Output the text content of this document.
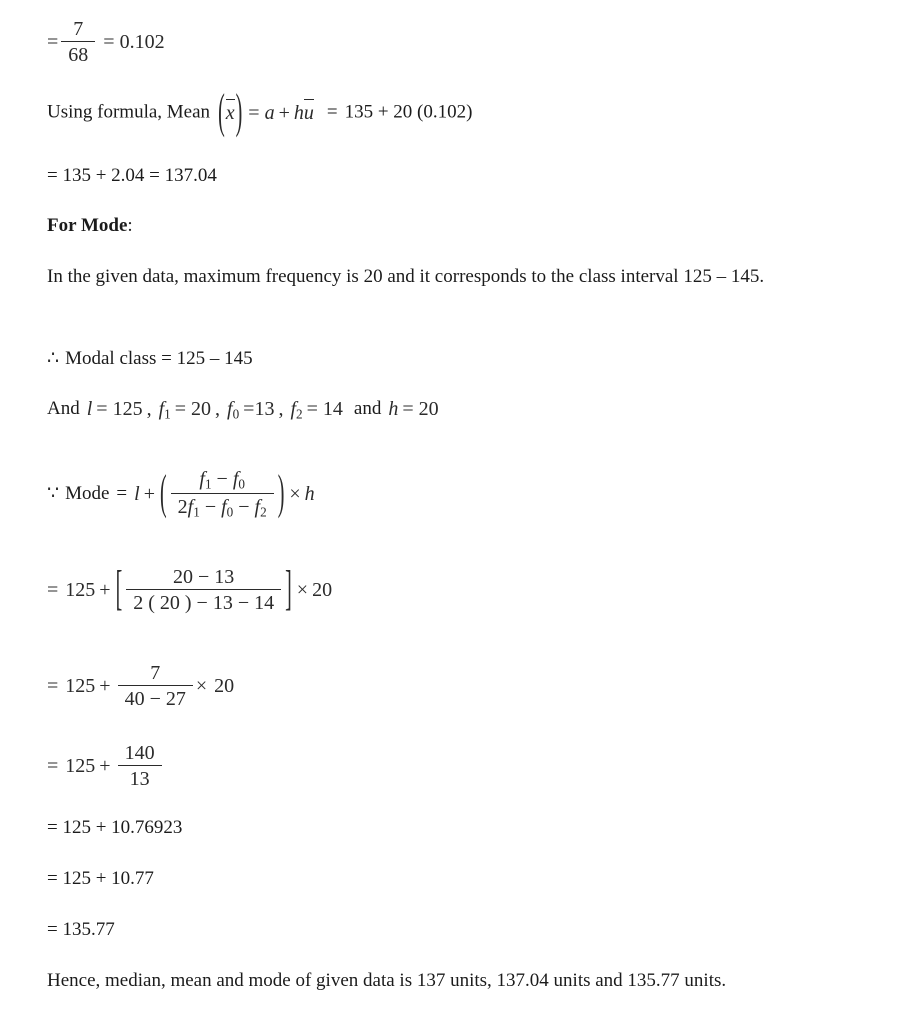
= $\frac{7}{68} = 0.102$
Using formula, Mean ( x ) = a + h u = 135 + 20 (0.102)
= 135 + 2.04 = 137.04
For Mode:
In the given data, maximum frequency is 20 and it corresponds to the class interval 125 – 145.
∴ Modal class = 125 – 145
And l = 125 , $f_1 = 20$ , $f_0 =13$ , $f_2 = 14$ and h = 20
∵ Mode = l + ( $\frac{f_1 - f_0}{2f_1 - f_0 - f_2}$ ) × h
= 125 + [ $\frac{20 - 13}{2 ( 20 ) - 13 - 14}$ ] × 20
= $125 + \frac{7}{40 - 27} \times 20$
= $125 + \frac{140}{13}$
= 125 + 10.76923
= 125 + 10.77
= 135.77
Hence, median, mean and mode of given data is 137 units, 137.04 units and 135.77 units.
